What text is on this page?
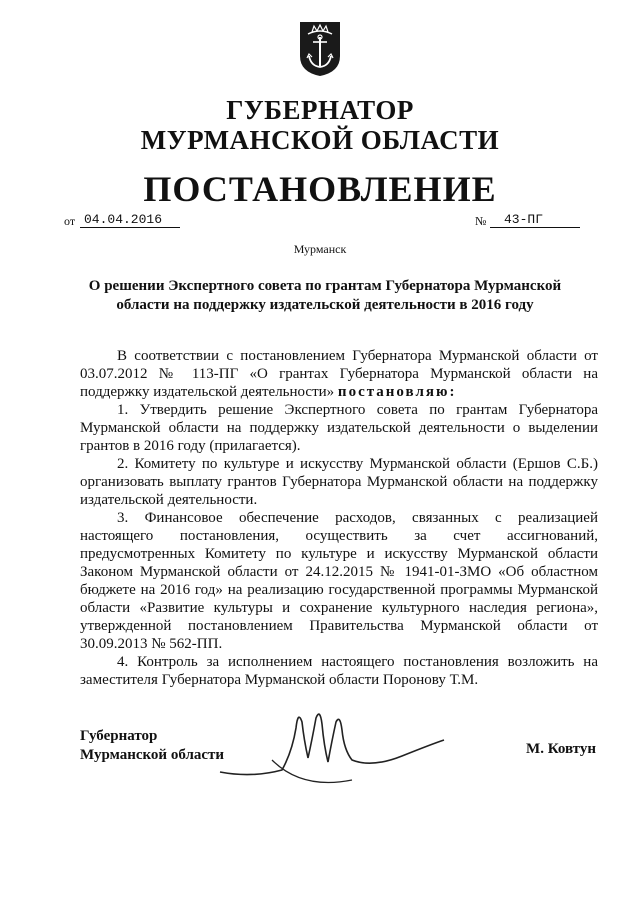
ГУБЕРНАТОР
МУРМАНСКОЙ ОБЛАСТИ
ПОСТАНОВЛЕНИЕ
от 04.04.2016	№	43-ПГ
Мурманск
О решении Экспертного совета по грантам Губернатора Мурманской области на поддержку издательской деятельности в 2016 году

В соответствии с постановлением Губернатора Мурманской области от 03.07.2012 № 113-ПГ «О грантах Губернатора Мурманской области на поддержку издательской деятельности» постановляю:

1. Утвердить решение Экспертного совета по грантам Губернатора Мурманской области на поддержку издательской деятельности о выделении грантов в 2016 году (прилагается).

2. Комитету по культуре и искусству Мурманской области (Ершов С.Б.) организовать выплату грантов Губернатора Мурманской области на поддержку издательской деятельности.

3. Финансовое обеспечение расходов, связанных с реализацией настоящего постановления, осуществить за счет ассигнований, предусмотренных Комитету по культуре и искусству Мурманской области Законом Мурманской области от 24.12.2015 № 1941-01-ЗМО «Об областном бюджете на 2016 год» на реализацию государственной программы Мурманской области «Развитие культуры и сохранение культурного наследия региона», утвержденной постановлением Правительства Мурманской области от 30.09.2013 № 562-ПП.

4. Контроль за исполнением настоящего постановления возложить на заместителя Губернатора Мурманской области Поронову Т.М.

Губернатор
Мурманской области	М. Ковтун
